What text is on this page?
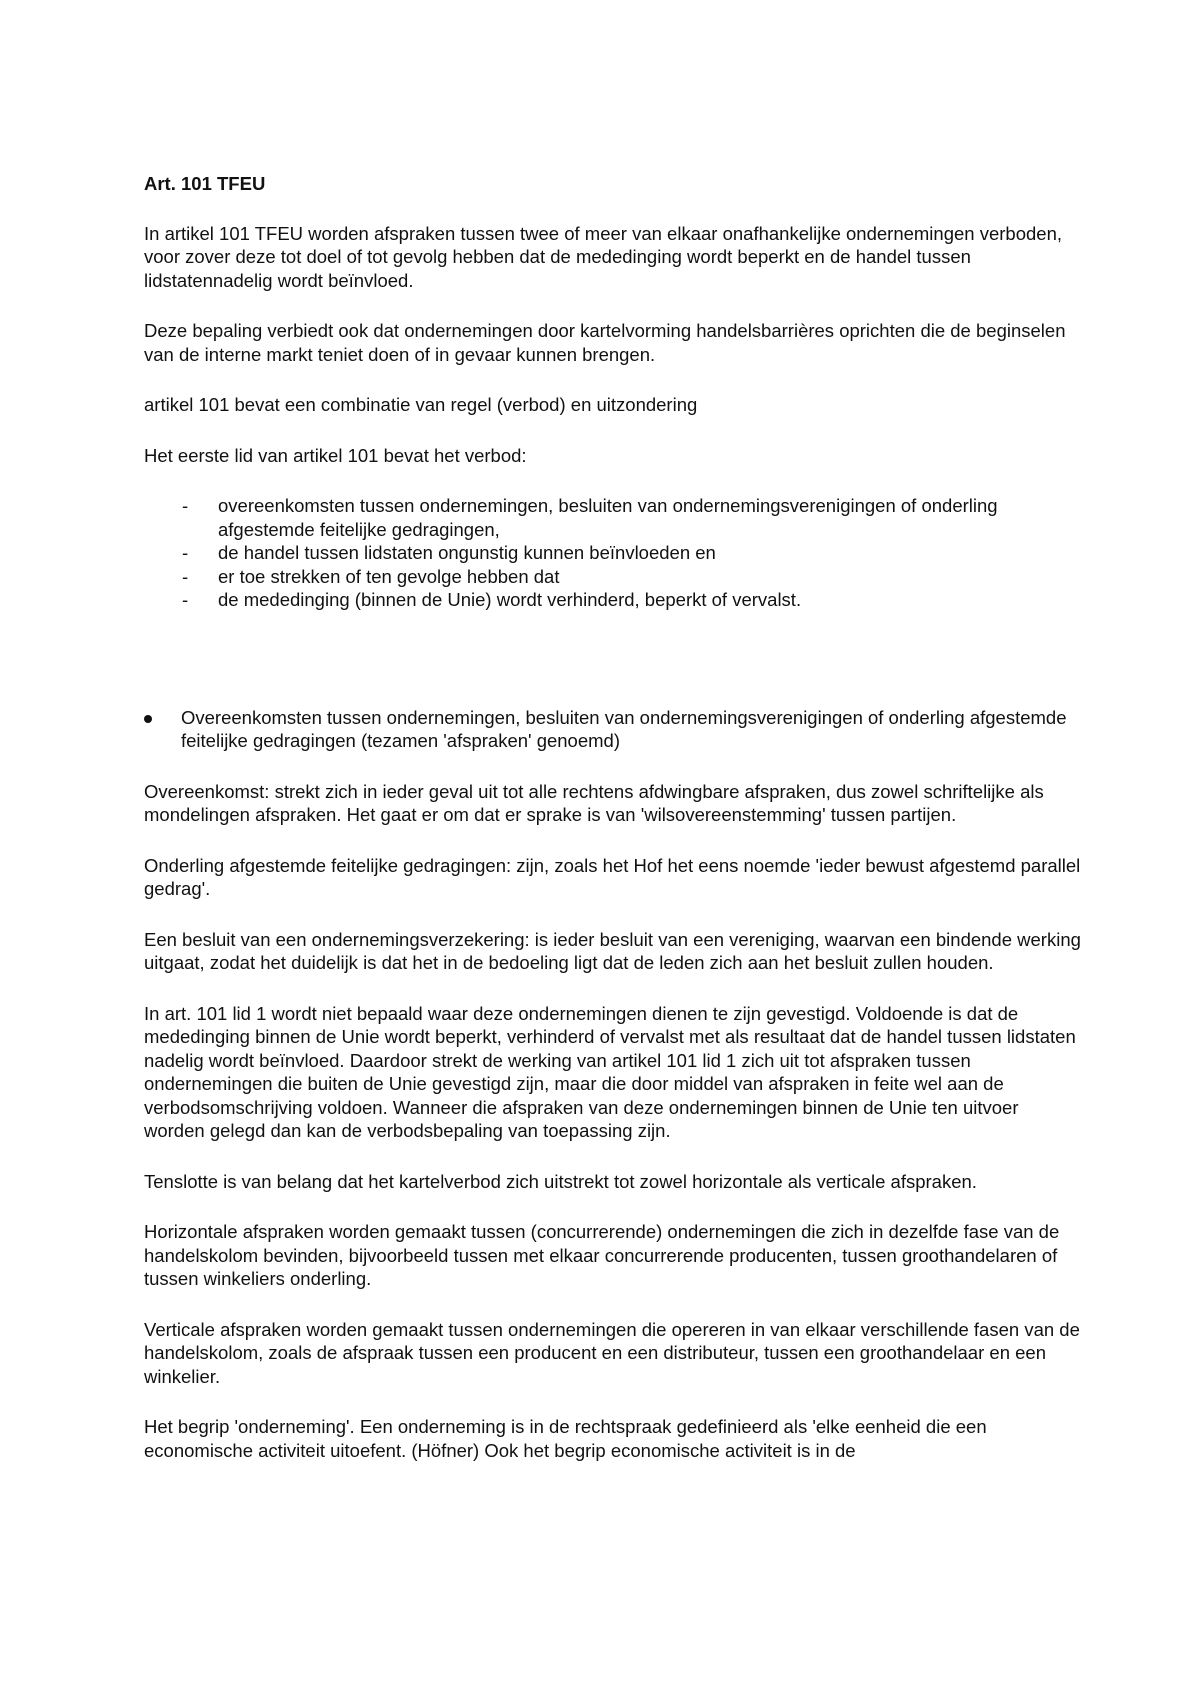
Art. 101 TFEU

In artikel 101 TFEU worden afspraken tussen twee of meer van elkaar onafhankelijke ondernemingen verboden, voor zover deze tot doel of tot gevolg hebben dat de mededinging wordt beperkt en de handel tussen lidstatennadelig wordt beïnvloed.

Deze bepaling verbiedt ook dat ondernemingen door kartelvorming handelsbarrières oprichten die de beginselen van de interne markt teniet doen of in gevaar kunnen brengen.

artikel 101 bevat een combinatie van regel (verbod) en uitzondering

Het eerste lid van artikel 101 bevat het verbod:

- overeenkomsten tussen ondernemingen, besluiten van ondernemingsverenigingen of onderling afgestemde feitelijke gedragingen,
- de handel tussen lidstaten ongunstig kunnen beïnvloeden en
- er toe strekken of ten gevolge hebben dat
- de mededinging (binnen de Unie) wordt verhinderd, beperkt of vervalst.
Overeenkomsten tussen ondernemingen, besluiten van ondernemingsverenigingen of onderling afgestemde feitelijke gedragingen (tezamen 'afspraken' genoemd)

Overeenkomst: strekt zich in ieder geval uit tot alle rechtens afdwingbare afspraken, dus zowel schriftelijke als mondelingen afspraken. Het gaat er om dat er sprake is van 'wilsovereenstemming' tussen partijen.

Onderling afgestemde feitelijke gedragingen: zijn, zoals het Hof het eens noemde 'ieder bewust afgestemd parallel gedrag'.

Een besluit van een ondernemingsverzekering: is ieder besluit van een vereniging, waarvan een bindende werking uitgaat, zodat het duidelijk is dat het in de bedoeling ligt dat de leden zich aan het besluit zullen houden.

In art. 101 lid 1 wordt niet bepaald waar deze ondernemingen dienen te zijn gevestigd. Voldoende is dat de mededinging binnen de Unie wordt beperkt, verhinderd of vervalst met als resultaat dat de handel tussen lidstaten nadelig wordt beïnvloed. Daardoor strekt de werking van artikel 101 lid 1 zich uit tot afspraken tussen ondernemingen die buiten de Unie gevestigd zijn, maar die door middel van afspraken in feite wel aan de verbodsomschrijving voldoen. Wanneer die afspraken van deze ondernemingen binnen de Unie ten uitvoer worden gelegd dan kan de verbodsbepaling van toepassing zijn.

Tenslotte is van belang dat het kartelverbod zich uitstrekt tot zowel horizontale als verticale afspraken.

Horizontale afspraken worden gemaakt tussen (concurrerende) ondernemingen die zich in dezelfde fase van de handelskolom bevinden, bijvoorbeeld tussen met elkaar concurrerende producenten, tussen groothandelaren of tussen winkeliers onderling.

Verticale afspraken worden gemaakt tussen ondernemingen die opereren in van elkaar verschillende fasen van de handelskolom, zoals de afspraak tussen een producent en een distributeur, tussen een groothandelaar en een winkelier.

Het begrip 'onderneming'. Een onderneming is in de rechtspraak gedefinieerd als 'elke eenheid die een economische activiteit uitoefent. (Höfner) Ook het begrip economische activiteit is in de
